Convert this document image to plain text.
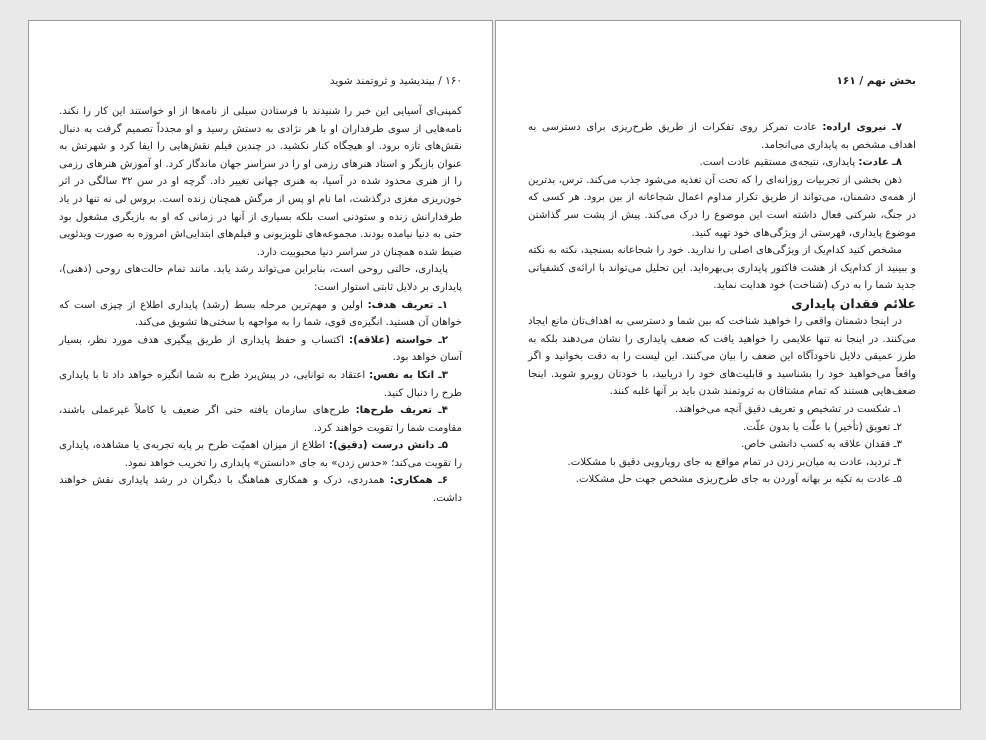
۱۶۰ / بیندیشید و ثروتمند شوید

کمپنی‌ای آسیایی این خبر را شنیدند با فرستادن سیلی از نامه‌ها از او خواستند این کار را نکند. نامه‌هایی از سوی طرفداران او با هر نژادی به دستش رسید و او مجدداً تصمیم گرفت به دنبال نقش‌های تازه برود. او هیچگاه کنار نکشید. در چندین فیلم نقش‌هایی را ایفا کرد و شهرتش به عنوان بازیگر و استاد هنرهای رزمی او را در سراسر جهان ماندگار کرد. او آموزش هنرهای رزمی را از هنری محدود شده در آسیا، به هنری جهانی تغییر داد. گرچه او در سن ۳۲ سالگی در اثر خون‌ریزی مغزی درگذشت، اما نام او پس از مرگش همچنان زنده است. بروس لی نه تنها در یاد طرفدارانش زنده و ستودنی است بلکه بسیاری از آنها در زمانی که او به بازیگری مشغول بود حتی به دنیا نیامده بودند. مجموعه‌های تلویزیونی و فیلم‌های ابتدایی‌اش امروزه به صورت ویدئویی ضبط شده همچنان در سراسر دنیا محبوبیت دارد.

پایداری، حالتی روحی است، بنابراین می‌تواند رشد یابد. مانند تمام حالت‌های روحی (ذهنی)، پایداری بر دلایل ثابتی استوار است:

۱ـ تعریف هدف: اولین و مهم‌ترین مرحله بسط (رشد) پایداری اطلاع از چیزی است که خواهان آن هستید. انگیزه‌ی قوی، شما را به مواجهه با سختی‌ها تشویق می‌کند.

۲ـ خواسته (علاقه): اکتساب و حفظ پایداری از طریق پیگیری هدف مورد نظر، بسیار آسان خواهد بود.

۳ـ اتکا به نفس: اعتقاد به توانایی، در پیش‌برد طرح به شما انگیزه خواهد داد تا با پایداری طرح را دنبال کنید.

۴ـ تعریف طرح‌ها: طرح‌های سازمان یافته حتی اگر ضعیف یا کاملاً غیرعملی باشند، مقاومت شما را تقویت خواهند کرد.

۵ـ دانش درست (دقیق): اطلاع از میزان اهمیّت طرح بر پایه تجربه‌ی یا مشاهده، پایداری را تقویت می‌کند؛ «حدس زدن» به جای «دانستن» پایداری را تخریب خواهد نمود.

۶ـ همکاری: همدردی، درک و همکاری هماهنگ با دیگران در رشد پایداری نقش خواهند داشت.

بخش نهم / ۱۶۱

۷ـ نیروی اراده: عادت تمرکز روی تفکرات از طریق طرح‌ریزی برای دسترسی به اهداف مشخص به پایداری می‌انجامد.

۸ـ عادت: پایداری، نتیجه‌ی مستقیم عادت است.

ذهن بخشی از تجربیات روزانه‌ای را که تحت آن تغذیه می‌شود جذب می‌کند. ترس، بدترین از همه‌ی دشمنان، می‌تواند از طریق تکرار مداوم اعمال شجاعانه از بین برود. هر کسی که در جنگ، شرکتی فعال داشته است این موضوع را درک می‌کند. پیش از پشت سر گذاشتن موضوع پایداری، فهرستی از ویژگی‌های خود تهیه کنید.

مشخص کنید کدام‌یک از ویژگی‌های اصلی را ندارید. خود را شجاعانه بسنجید، نکته به نکته و ببینید از کدام‌یک از هشت فاکتور پایداری بی‌بهره‌اید. این تحلیل می‌تواند با ارائه‌ی کشفیاتی جدید شما را به درک (شناخت) خود هدایت نماید.

علائم فقدان پایداری

در اینجا دشمنان واقعی را خواهید شناخت که بین شما و دسترسی به اهداف‌تان مانع ایجاد می‌کنند. در اینجا نه تنها علایمی را خواهید یافت که ضعف پایداری را نشان می‌دهند بلکه به طرز عمیقی دلایل ناخودآگاه این ضعف را بیان می‌کنند. این لیست را به دقت بخوانید و اگر واقعاً می‌خواهید خود را بشناسید و قابلیت‌های خود را دریابید، با خودتان روبرو شوید. اینجا ضعف‌هایی هستند که تمام مشتاقان به ثروتمند شدن باید بر آنها غلبه کنند.

۱ـ شکست در تشخیص و تعریف دقیق آنچه می‌خواهند.

۲ـ تعویق (تأخیر) با علّت یا بدون علّت.

۳ـ فقدان علاقه به کسب دانشی خاص.

۴ـ تردید، عادت به میان‌بر زدن در تمام مواقع به جای رویارویی دقیق با مشکلات.

۵ـ عادت به تکیه بر بهانه آوردن به جای طرح‌ریزی مشخص جهت حل مشکلات.
